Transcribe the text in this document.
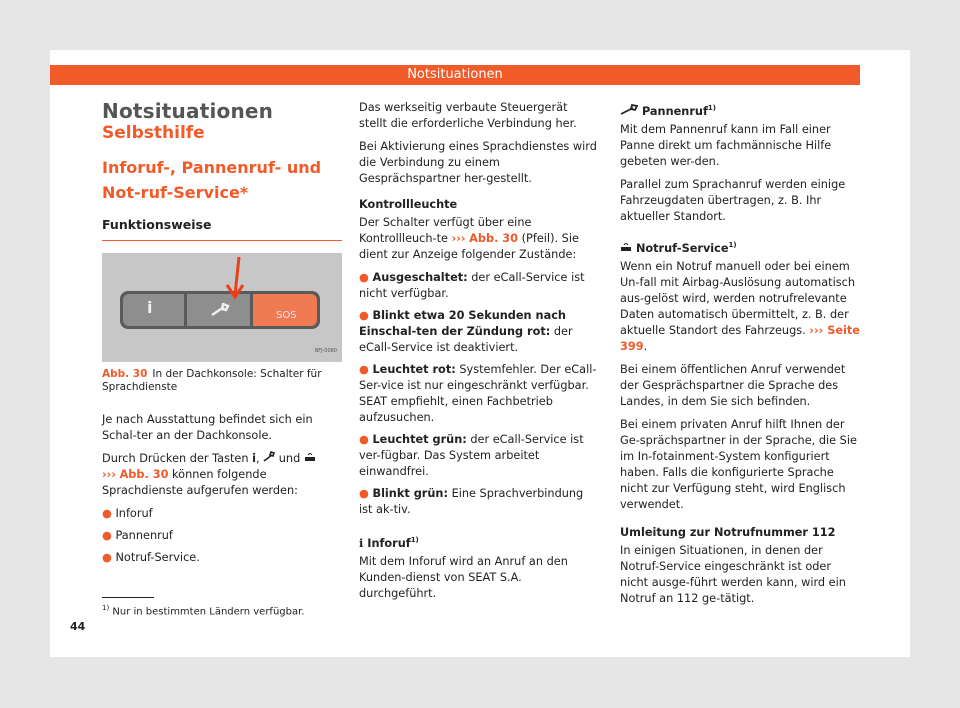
Notsituationen
Notsituationen
Selbsthilfe
Inforuf-, Pannenruf- und Not-ruf-Service*
Funktionsweise
i	SOS
BFJ-0080
Abb. 30 In der Dachkonsole: Schalter für Sprachdienste

Je nach Ausstattung befindet sich ein Schal-ter an der Dachkonsole.

Durch Drücken der Tasten i, und
››› Abb. 30 können folgende Sprachdienste aufgerufen werden:

● Inforuf
● Pannenruf
● Notruf-Service.

Das werkseitig verbaute Steuergerät stellt die erforderliche Verbindung her.

Bei Aktivierung eines Sprachdienstes wird die Verbindung zu einem Gesprächspartner her-gestellt.

Kontrollleuchte

Der Schalter verfügt über eine Kontrollleuch-te ››› Abb. 30 (Pfeil). Sie dient zur Anzeige folgender Zustände:

● Ausgeschaltet: der eCall-Service ist nicht verfügbar.
● Blinkt etwa 20 Sekunden nach Einschal-ten der Zündung rot: der eCall-Service ist deaktiviert.
● Leuchtet rot: Systemfehler. Der eCall-Ser-vice ist nur eingeschränkt verfügbar. SEAT empfiehlt, einen Fachbetrieb aufzusuchen.
● Leuchtet grün: der eCall-Service ist ver-fügbar. Das System arbeitet einwandfrei.
● Blinkt grün: Eine Sprachverbindung ist ak-tiv.
ℹ Inforuf$^{1)}$

Mit dem Inforuf wird an Anruf an den Kunden-dienst von SEAT S.A. durchgeführt.

Pannenruf$^{1)}$

Mit dem Pannenruf kann im Fall einer Panne direkt um fachmännische Hilfe gebeten wer-den.

Parallel zum Sprachanruf werden einige Fahrzeugdaten übertragen, z. B. Ihr aktueller Standort.

Notruf-Service$^{1)}$

Wenn ein Notruf manuell oder bei einem Un-fall mit Airbag-Auslösung automatisch aus-gelöst wird, werden notrufrelevante Daten automatisch übermittelt, z. B. der aktuelle Standort des Fahrzeugs. ››› Seite 399.

Bei einem öffentlichen Anruf verwendet der Gesprächspartner die Sprache des Landes, in dem Sie sich befinden.

Bei einem privaten Anruf hilft Ihnen der Ge-sprächspartner in der Sprache, die Sie im In-fotainment-System konfiguriert haben. Falls die konfigurierte Sprache nicht zur Verfügung steht, wird Englisch verwendet.

Umleitung zur Notrufnummer 112

In einigen Situationen, in denen der Notruf-Service eingeschränkt ist oder nicht ausge-führt werden kann, wird ein Notruf an 112 ge-tätigt.

$^{1)}$ Nur in bestimmten Ländern verfügbar.
44
